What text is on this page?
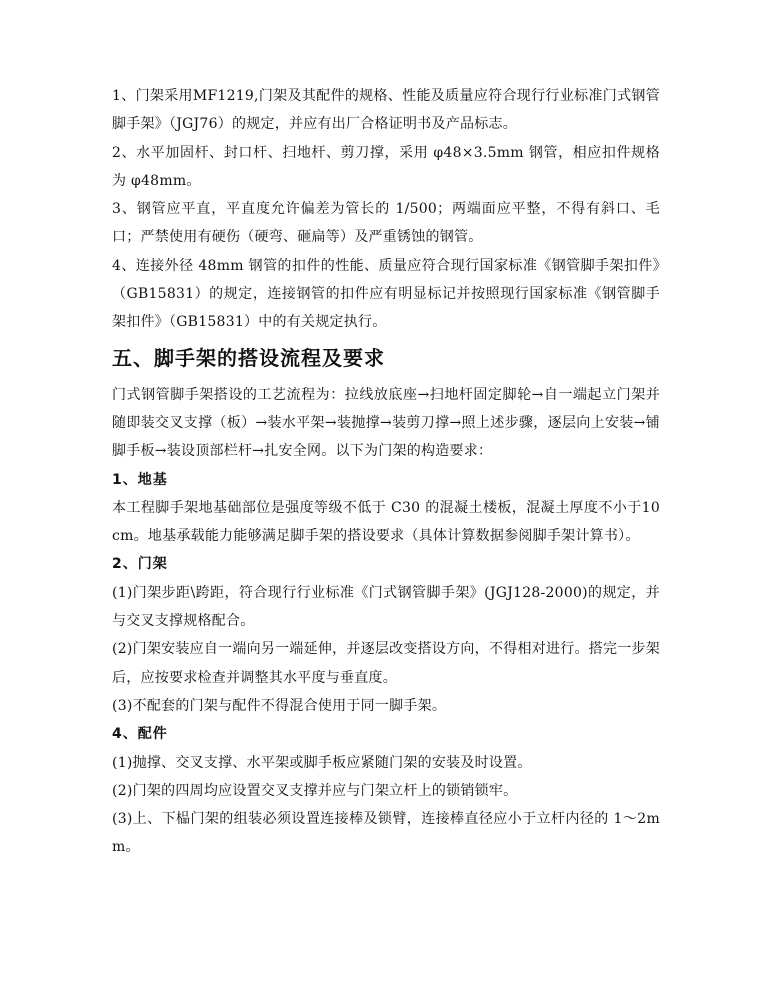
1、门架采用MF1219,门架及其配件的规格、性能及质量应符合现行行业标准门式钢管脚手架》（JGJ76）的规定，并应有出厂合格证明书及产品标志。

2、水平加固杆、封口杆、扫地杆、剪刀撑，采用 φ48×3.5mm 钢管，相应扣件规格为 φ48mm。

3、钢管应平直，平直度允许偏差为管长的 1/500；两端面应平整，不得有斜口、毛口；严禁使用有硬伤（硬弯、砸扁等）及严重锈蚀的钢管。

4、连接外径 48mm 钢管的扣件的性能、质量应符合现行国家标准《钢管脚手架扣件》（GB15831）的规定，连接钢管的扣件应有明显标记并按照现行国家标准《钢管脚手架扣件》（GB15831）中的有关规定执行。

五、脚手架的搭设流程及要求

门式钢管脚手架搭设的工艺流程为：拉线放底座→扫地杆固定脚轮→自一端起立门架并随即装交叉支撑（板）→装水平架→装抛撑→装剪刀撑→照上述步骤，逐层向上安装→铺脚手板→装设顶部栏杆→扎安全网。以下为门架的构造要求：

1、地基

本工程脚手架地基础部位是强度等级不低于 C30 的混凝土楼板，混凝土厚度不小于10cm。地基承载能力能够满足脚手架的搭设要求（具体计算数据参阅脚手架计算书）。

2、门架

(1)门架步距\跨距，符合现行行业标准《门式钢管脚手架》(JGJ128-2000)的规定，并与交叉支撑规格配合。

(2)门架安装应自一端向另一端延伸，并逐层改变搭设方向，不得相对进行。搭完一步架后，应按要求检查并调整其水平度与垂直度。

(3)不配套的门架与配件不得混合使用于同一脚手架。

4、配件

(1)抛撑、交叉支撑、水平架或脚手板应紧随门架的安装及时设置。

(2)门架的四周均应设置交叉支撑并应与门架立杆上的锁销锁牢。

(3)上、下榀门架的组装必须设置连接棒及锁臂，连接棒直径应小于立杆内径的 1～2mm。
